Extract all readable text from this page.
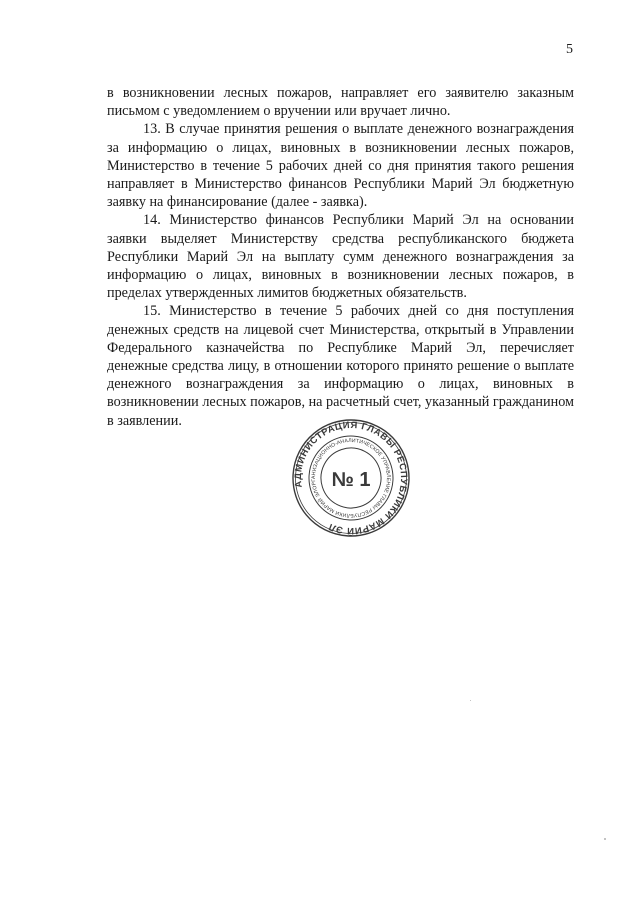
5

в возникновении лесных пожаров, направляет его заявителю заказным письмом с уведомлением о вручении или вручает лично.

13. В случае принятия решения о выплате денежного вознаграждения за информацию о лицах, виновных в возникновении лесных пожаров, Министерство в течение 5 рабочих дней со дня принятия такого решения направляет в Министерство финансов Республики Марий Эл бюджетную заявку на финансирование (далее - заявка).

14. Министерство финансов Республики Марий Эл на основании заявки выделяет Министерству средства республиканского бюджета Республики Марий Эл на выплату сумм денежного вознаграждения за информацию о лицах, виновных в возникновении лесных пожаров, в пределах утвержденных лимитов бюджетных обязательств.

15. Министерство в течение 5 рабочих дней со дня поступления денежных средств на лицевой счет Министерства, открытый в Управлении Федерального казначейства по Республике Марий Эл, перечисляет денежные средства лицу, в отношении которого принято решение о выплате денежного вознаграждения за информацию о лицах, виновных в возникновении лесных пожаров, на расчетный счет, указанный гражданином в заявлении.

АДМИНИСТРАЦИЯ ГЛАВЫ РЕСПУБЛИКИ МАРИЙ ЭЛ
ОРГАНИЗАЦИОННО-АНАЛИТИЧЕСКОЕ УПРАВЛЕНИЕ ГЛАВЫ РЕСПУБЛИКИ МАРИЙ ЭЛ
№ 1
